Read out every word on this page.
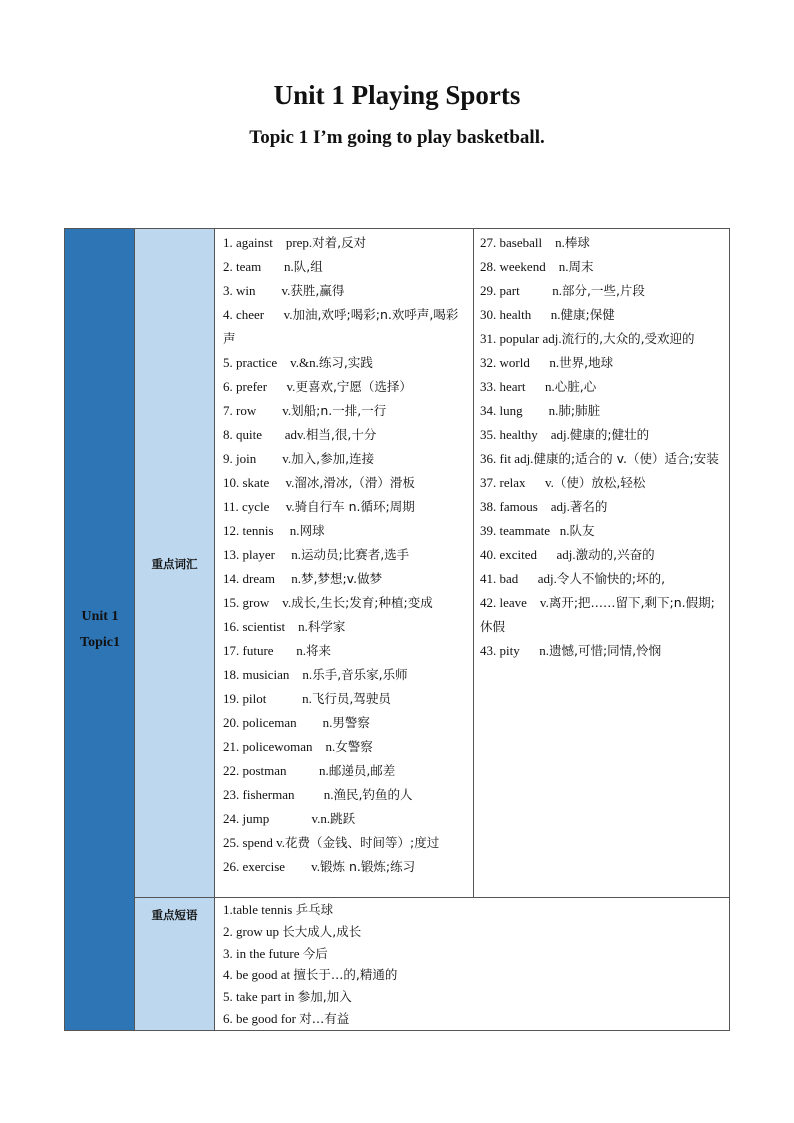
Unit 1 Playing Sports
Topic 1 I’m going to play basketball.
Unit 1
Topic1
重点词汇
重点短语
1. against    prep.对着,反对
2. team       n.队,组
3. win        v.获胜,赢得
4. cheer      v.加油,欢呼;喝彩;n.欢呼声,喝彩声
5. practice    v.&n.练习,实践
6. prefer      v.更喜欢,宁愿（选择）
7. row        v.划船;n.一排,一行
8. quite       adv.相当,很,十分
9. join        v.加入,参加,连接
10. skate     v.溜冰,滑冰,（滑）滑板
11. cycle     v.骑自行车 n.循环;周期
12. tennis     n.网球
13. player     n.运动员;比赛者,选手
14. dream     n.梦,梦想;v.做梦
15. grow    v.成长,生长;发育;种植;变成
16. scientist    n.科学家
17. future       n.将来
18. musician    n.乐手,音乐家,乐师
19. pilot           n.飞行员,驾驶员
20. policeman        n.男警察
21. policewoman    n.女警察
22. postman          n.邮递员,邮差
23. fisherman         n.渔民,钓鱼的人
24. jump             v.n.跳跃
25. spend v.花费（金钱、时间等）;度过
26. exercise        v.锻炼 n.锻炼;练习
27. baseball    n.棒球
28. weekend    n.周末
29. part          n.部分,一些,片段
30. health      n.健康;保健
31. popular adj.流行的,大众的,受欢迎的
32. world      n.世界,地球
33. heart      n.心脏,心
34. lung        n.肺;肺脏
35. healthy    adj.健康的;健壮的
36. fit adj.健康的;适合的 v.（使）适合;安装
37. relax      v.（使）放松,轻松
38. famous    adj.著名的
39. teammate   n.队友
40. excited      adj.激动的,兴奋的
41. bad      adj.令人不愉快的;坏的,
42. leave    v.离开;把……留下,剩下;n.假期;休假
43. pity      n.遗憾,可惜;同情,怜悯
1.table tennis 乒乓球
2. grow up 长大成人,成长
3. in the future 今后
4. be good at 擅长于…的,精通的
5. take part in 参加,加入
6. be good for 对…有益
